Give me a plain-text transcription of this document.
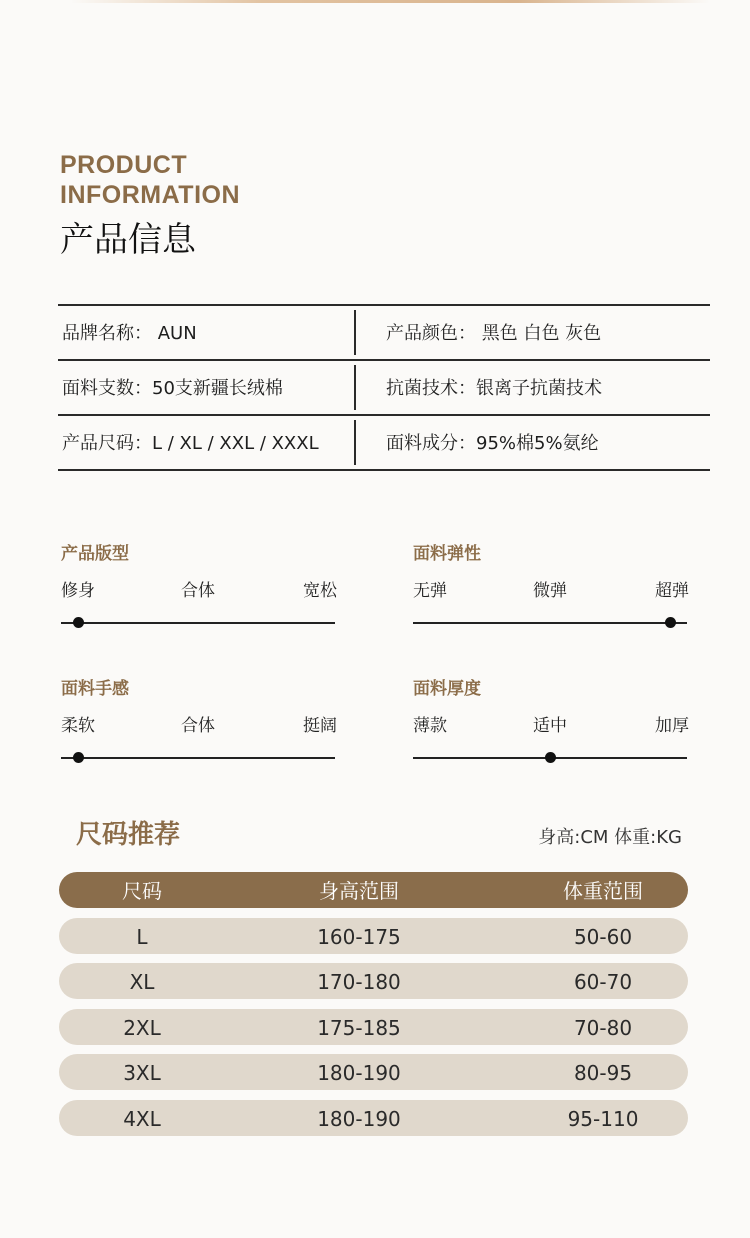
PRODUCT
INFORMATION
产品信息
品牌名称： AUN	产品颜色： 黑色 白色 灰色
面料支数：50支新疆长绒棉	抗菌技术：银离子抗菌技术
产品尺码：L / XL / XXL / XXXL	面料成分：95%棉5%氨纶
产品版型
修身	合体	宽松
面料弹性
无弹	微弹	超弹
面料手感
柔软	合体	挺阔
面料厚度
薄款	适中	加厚
尺码推荐	身高:CM 体重:KG
尺码	身高范围	体重范围
L	160-175	50-60
XL	170-180	60-70
2XL	175-185	70-80
3XL	180-190	80-95
4XL	180-190	95-110
